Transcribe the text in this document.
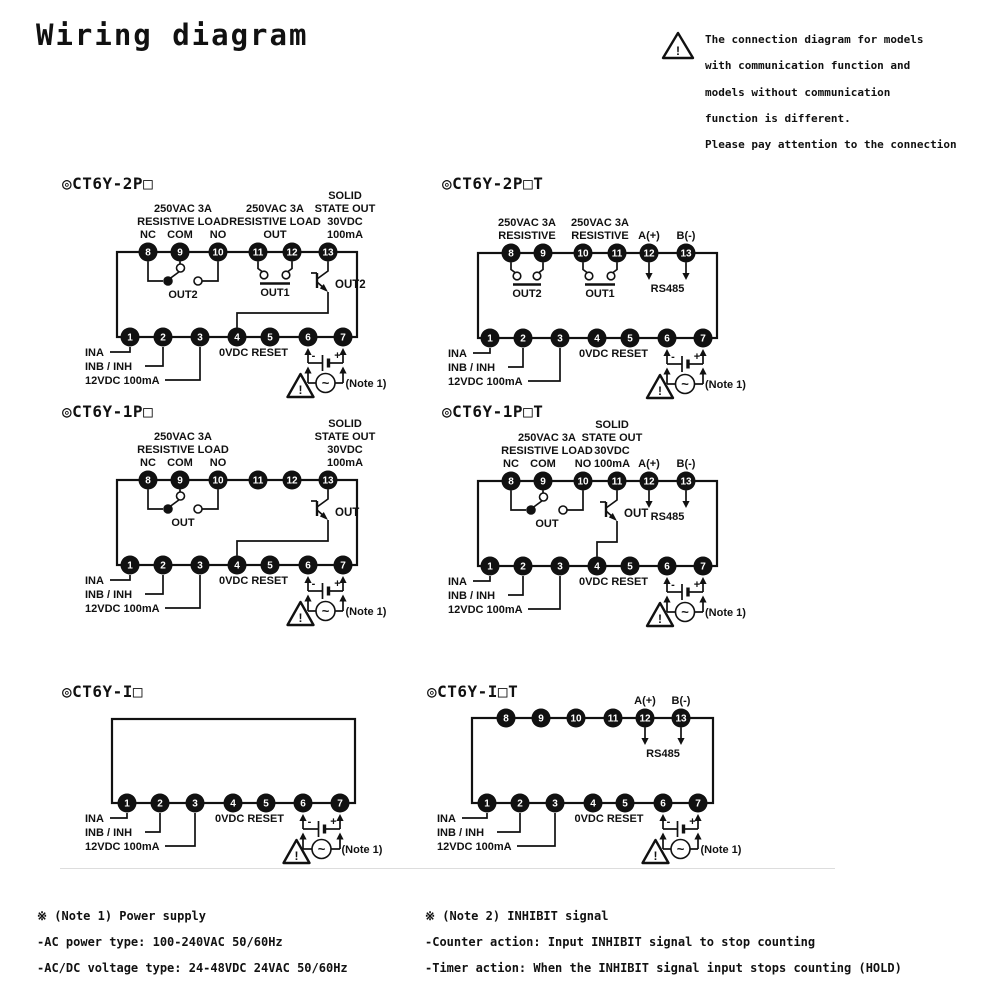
Wiring diagram	!
The connection diagram for models
with communication function and
models without communication
function is different.
Please pay attention to the connection
◎CT6Y-2P□
250VAC 3A
RESISTIVE LOAD
NC COM NO
OUT2
250VAC 3A
RESISTIVE LOAD
OUT
OUT1
SOLID
STATE OUT
30VDC
100mA
OUT2
INA
INB / INH
12VDC 100mA
0VDC RESET - +
~
!	(Note 1)
8	9	10	11 12 13
1	2	3	4	5	6	7
◎CT6Y-2P□T
250VAC 3A
RESISTIVE
OUT2
250VAC 3A
RESISTIVE
OUT1
A(+) B(-)
RS485
INA
INB / INH
12VDC 100mA
0VDC RESET - +
~
!	(Note 1)
8	9	10 11 12	13
1	2	3	4	5	6	7
◎CT6Y-1P□
250VAC 3A
RESISTIVE LOAD
NC COM NO
OUT
SOLID
STATE OUT
30VDC
100mA
OUT
INA
INB / INH
12VDC 100mA
0VDC RESET - +
~
!	(Note 1)
8	9	10	11 12 13
1	2	3	4	5	6	7
◎CT6Y-1P□T
250VAC 3A
RESISTIVE LOAD
NC COM NO
OUT
SOLID
STATE OUT
30VDC
100mA
OUT
A(+) B(-)
RS485
INA
INB / INH
12VDC 100mA
0VDC RESET - +
~
!	(Note 1)
8	9	10 11 12	13
1	2	3	4	5	6	7
◎CT6Y-I□
INA
INB / INH
12VDC 100mA
0VDC RESET - +
~
!	(Note 1)
1	2	3	4	5	6	7
◎CT6Y-I□T	A(+) B(-)
RS485
INA
INB / INH
12VDC 100mA
0VDC RESET - +
~
!	(Note 1)
8	9	10	11 12 13
1	2	3	4	5	6	7
※ (Note 1) Power supply
-AC power type: 100-240VAC 50/60Hz
-AC/DC voltage type: 24-48VDC 24VAC 50/60Hz
※ (Note 2) INHIBIT signal
-Counter action: Input INHIBIT signal to stop counting
-Timer action: When the INHIBIT signal input stops counting (HOLD)
